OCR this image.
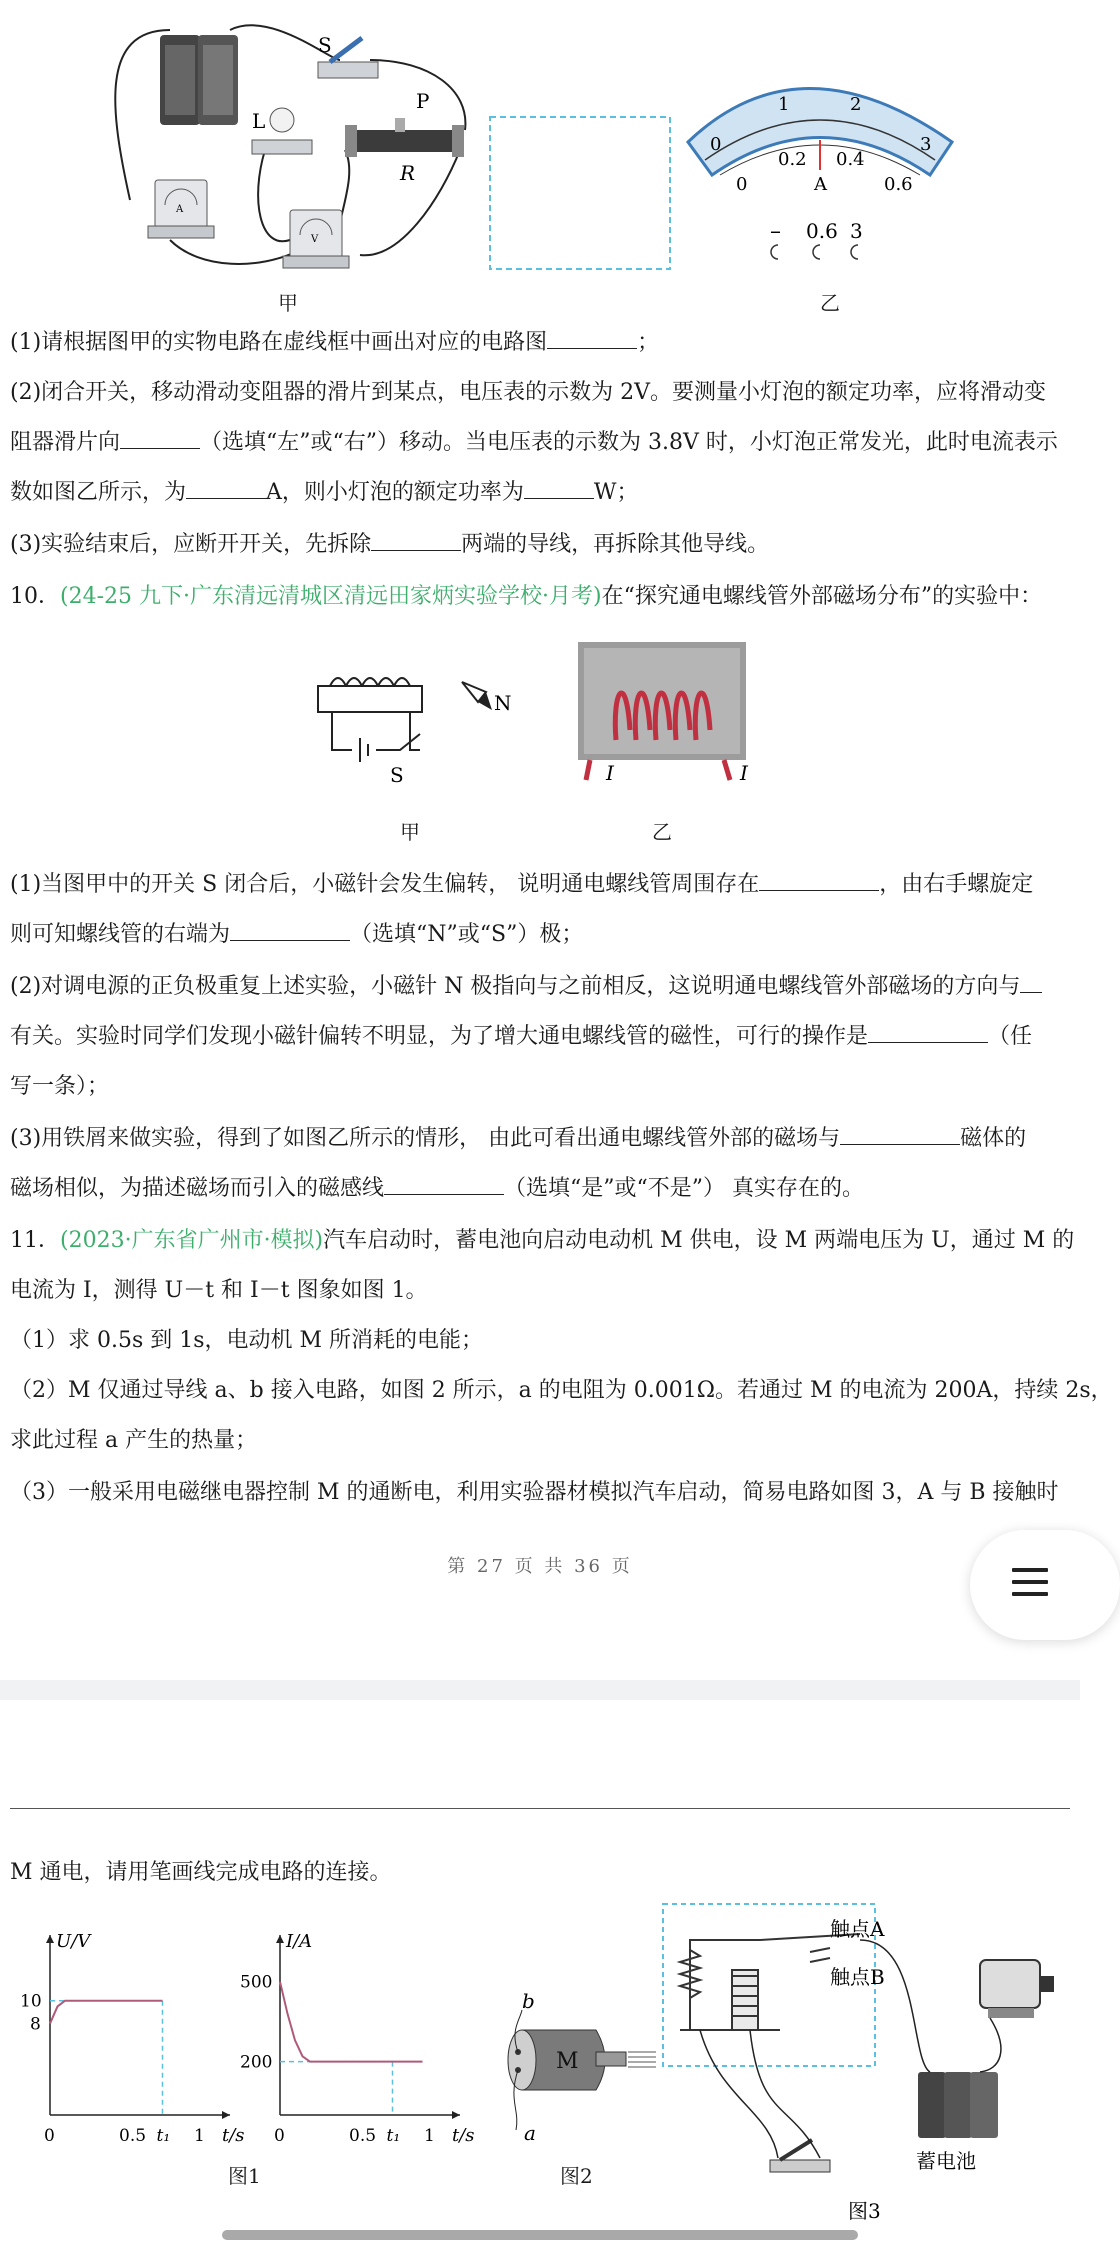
S
L
P
R
A
V
0
1	2
3
0
0.2 0.4
0.6
A
– 0.6 3
甲	乙
(1)请根据图甲的实物电路在虚线框中画出对应的电路图	；
(2)闭合开关，移动滑动变阻器的滑片到某点，电压表的示数为 2V。要测量小灯泡的额定功率，应将滑动变
阻器滑片向	（选填“左”或“右”）移动。当电压表的示数为 3.8V 时，小灯泡正常发光，此时电流表示
数如图乙所示，为	A，则小灯泡的额定功率为	W；
(3)实验结束后，应断开开关，先拆除	两端的导线，再拆除其他导线。
10．(24-25 九下·广东清远清城区清远田家炳实验学校·月考)在“探究通电螺线管外部磁场分布”的实验中：
N
S	I	I
甲	乙
(1)当图甲中的开关 S 闭合后，小磁针会发生偏转， 说明通电螺线管周围存在	，由右手螺旋定
则可知螺线管的右端为	（选填“N”或“S”）极；
(2)对调电源的正负极重复上述实验，小磁针 N 极指向与之前相反，这说明通电螺线管外部磁场的方向与
有关。实验时同学们发现小磁针偏转不明显，为了增大通电螺线管的磁性，可行的操作是	（任
写一条）；
(3)用铁屑来做实验，得到了如图乙所示的情形， 由此可看出通电螺线管外部的磁场与	磁体的
磁场相似，为描述磁场而引入的磁感线	（选填“是”或“不是”） 真实存在的。
11．(2023·广东省广州市·模拟)汽车启动时，蓄电池向启动电动机 M 供电，设 M 两端电压为 U，通过 M 的
电流为 I，测得 U－t 和 I－t 图象如图 1。
（1）求 0.5s 到 1s，电动机 M 所消耗的电能；
（2）M 仅通过导线 a、b 接入电路，如图 2 所示，a 的电阻为 0.001Ω。若通过 M 的电流为 200A，持续 2s，
求此过程 a 产生的热量；
（3）一般采用电磁继电器控制 M 的通断电，利用实验器材模拟汽车启动，简易电路如图 3，A 与 B 接触时
第 27 页 共 36 页
M 通电，请用笔画线完成电路的连接。
U/V
t/s
0	0.5 t₁ 1
8
10
I/A
t/s
0	0.5 t₁ 1
200
500
图1
b
a
M
图2
触点A
触点B
蓄电池
图3
